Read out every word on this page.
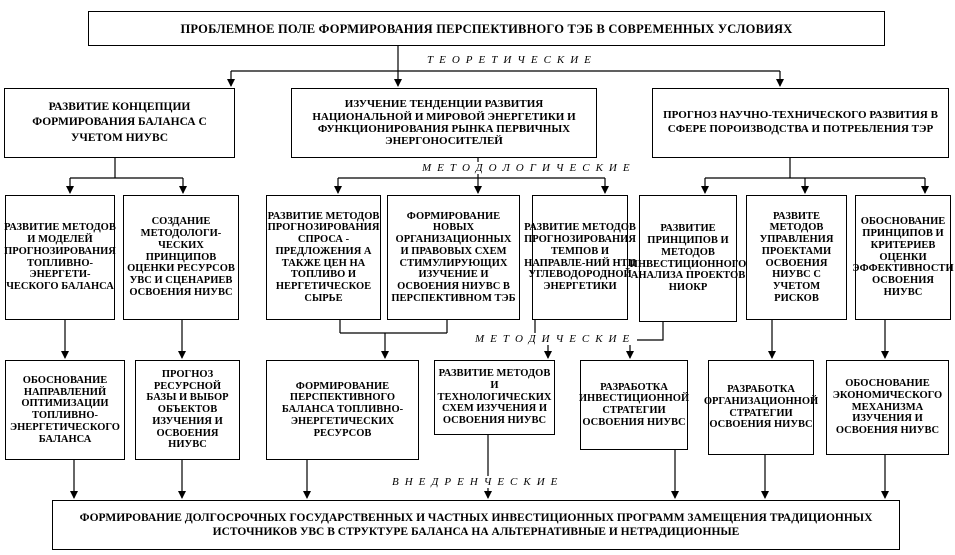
ПРОБЛЕМНОЕ ПОЛЕ ФОРМИРОВАНИЯ ПЕРСПЕКТИВНОГО ТЭБ В СОВРЕМЕННЫХ УСЛОВИЯХ
ТЕОРЕТИЧЕСКИЕ
МЕТОДОЛОГИЧЕСКИЕ
МЕТОДИЧЕСКИЕ
ВНЕДРЕНЧЕСКИЕ
РАЗВИТИЕ КОНЦЕПЦИИ ФОРМИРОВАНИЯ БАЛАНСА С УЧЕТОМ НИУВС
ИЗУЧЕНИЕ ТЕНДЕНЦИИ РАЗВИТИЯ НАЦИОНАЛЬНОЙ И МИРОВОЙ ЭНЕРГЕТИКИ И ФУНКЦИОНИРОВАНИЯ РЫНКА ПЕРВИЧНЫХ ЭНЕРГОНОСИТЕЛЕЙ
ПРОГНОЗ НАУЧНО-ТЕХНИЧЕСКОГО РАЗВИТИЯ В СФЕРЕ ПОРОИЗВОДСТВА И ПОТРЕБЛЕНИЯ ТЭР
РАЗВИТИЕ МЕТОДОВ И МОДЕЛЕЙ ПРОГНОЗИРОВАНИЯ ТОПЛИВНО-ЭНЕРГЕТИ-ЧЕСКОГО БАЛАНСА
СОЗДАНИЕ МЕТОДОЛОГИ-ЧЕСКИХ ПРИНЦИПОВ ОЦЕНКИ РЕСУРСОВ УВС И СЦЕНАРИЕВ ОСВОЕНИЯ НИУВС
РАЗВИТИЕ МЕТОДОВ ПРОГНОЗИРОВАНИЯ СПРОСА - ПРЕДЛОЖЕНИЯ А ТАКЖЕ ЦЕН НА ТОПЛИВО И НЕРГЕТИЧЕСКОЕ СЫРЬЕ
ФОРМИРОВАНИЕ НОВЫХ ОРГАНИЗАЦИОННЫХ И ПРАВОВЫХ СХЕМ СТИМУЛИРУЮЩИХ ИЗУЧЕНИЕ И ОСВОЕНИЯ НИУВС В ПЕРСПЕКТИВНОМ ТЭБ
РАЗВИТИЕ МЕТОДОВ ПРОГНОЗИРОВАНИЯ ТЕМПОВ И НАПРАВЛЕ-НИЙ НТП УГЛЕВОДОРОДНОЙ ЭНЕРГЕТИКИ
РАЗВИТИЕ ПРИНЦИПОВ И МЕТОДОВ ИНВЕСТИЦИОННОГО АНАЛИЗА ПРОЕКТОВ НИОКР
РАЗВИТЕ МЕТОДОВ УПРАВЛЕНИЯ ПРОЕКТАМИ ОСВОЕНИЯ НИУВС С УЧЕТОМ РИСКОВ
ОБОСНОВАНИЕ ПРИНЦИПОВ И КРИТЕРИЕВ ОЦЕНКИ ЭФФЕКТИВНОСТИ ОСВОЕНИЯ НИУВС
ОБОСНОВАНИЕ НАПРАВЛЕНИЙ ОПТИМИЗАЦИИ ТОПЛИВНО-ЭНЕРГЕТИЧЕСКОГО БАЛАНСА
ПРОГНОЗ РЕСУРСНОЙ БАЗЫ И ВЫБОР ОБЪЕКТОВ ИЗУЧЕНИЯ И ОСВОЕНИЯ НИУВС
ФОРМИРОВАНИЕ ПЕРСПЕКТИВНОГО БАЛАНСА ТОПЛИВНО-ЭНЕРГЕТИЧЕСКИХ РЕСУРСОВ
РАЗВИТИЕ МЕТОДОВ И ТЕХНОЛОГИЧЕСКИХ СХЕМ ИЗУЧЕНИЯ И ОСВОЕНИЯ НИУВС
РАЗРАБОТКА ИНВЕСТИЦИОННОЙ СТРАТЕГИИ ОСВОЕНИЯ НИУВС
РАЗРАБОТКА ОРГАНИЗАЦИОННОЙ СТРАТЕГИИ ОСВОЕНИЯ НИУВС
ОБОСНОВАНИЕ ЭКОНОМИЧЕСКОГО МЕХАНИЗМА ИЗУЧЕНИЯ И ОСВОЕНИЯ НИУВС
ФОРМИРОВАНИЕ ДОЛГОСРОЧНЫХ ГОСУДАРСТВЕННЫХ И ЧАСТНЫХ ИНВЕСТИЦИОННЫХ ПРОГРАММ ЗАМЕЩЕНИЯ ТРАДИЦИОННЫХ ИСТОЧНИКОВ УВС В СТРУКТУРЕ БАЛАНСА НА АЛЬТЕРНАТИВНЫЕ И НЕТРАДИЦИОННЫЕ
